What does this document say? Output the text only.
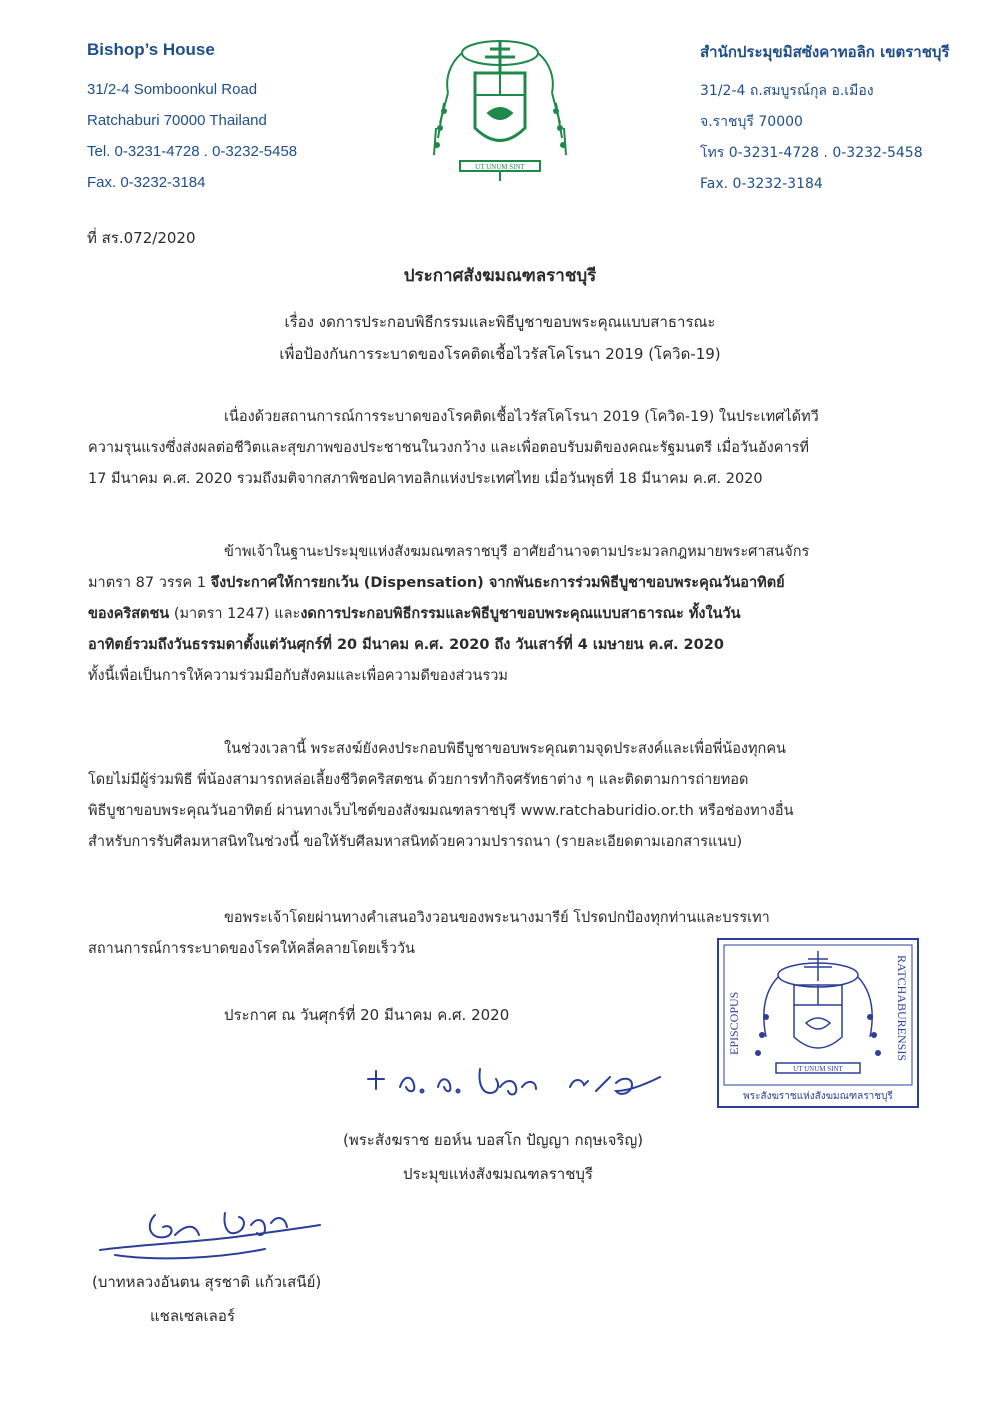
Bishop’s House
31/2-4 Somboonkul Road
Ratchaburi 70000 Thailand
Tel. 0-3231-4728 . 0-3232-5458
Fax. 0-3232-3184
UT UNUM SINT
สำนักประมุขมิสซังคาทอลิก เขตราชบุรี
31/2-4 ถ.สมบูรณ์กุล อ.เมือง
จ.ราชบุรี 70000
โทร 0-3231-4728 . 0-3232-5458
Fax. 0-3232-3184
ที่ สร.072/2020
ประกาศสังฆมณฑลราชบุรี
เรื่อง งดการประกอบพิธีกรรมและพิธีบูชาขอบพระคุณแบบสาธารณะ
เพื่อป้องกันการระบาดของโรคติดเชื้อไวรัสโคโรนา 2019 (โควิด-19)
เนื่องด้วยสถานการณ์การระบาดของโรคติดเชื้อไวรัสโคโรนา 2019 (โควิด-19) ในประเทศได้ทวี
ความรุนแรงซึ่งส่งผลต่อชีวิตและสุขภาพของประชาชนในวงกว้าง และเพื่อตอบรับมติของคณะรัฐมนตรี เมื่อวันอังคารที่
17 มีนาคม ค.ศ. 2020 รวมถึงมติจากสภาพิชอปคาทอลิกแห่งประเทศไทย เมื่อวันพุธที่ 18 มีนาคม ค.ศ. 2020
ข้าพเจ้าในฐานะประมุขแห่งสังฆมณฑลราชบุรี อาศัยอำนาจตามประมวลกฎหมายพระศาสนจักร
มาตรา 87 วรรค 1 จึงประกาศให้การยกเว้น (Dispensation) จากพันธะการร่วมพิธีบูชาขอบพระคุณวันอาทิตย์
ของคริสตชน (มาตรา 1247) และงดการประกอบพิธีกรรมและพิธีบูชาขอบพระคุณแบบสาธารณะ ทั้งในวัน
อาทิตย์รวมถึงวันธรรมดาตั้งแต่วันศุกร์ที่ 20 มีนาคม ค.ศ. 2020 ถึง วันเสาร์ที่ 4 เมษายน ค.ศ. 2020
ทั้งนี้เพื่อเป็นการให้ความร่วมมือกับสังคมและเพื่อความดีของส่วนรวม
ในช่วงเวลานี้ พระสงฆ์ยังคงประกอบพิธีบูชาขอบพระคุณตามจุดประสงค์และเพื่อพี่น้องทุกคน
โดยไม่มีผู้ร่วมพิธี พี่น้องสามารถหล่อเลี้ยงชีวิตคริสตชน ด้วยการทำกิจศรัทธาต่าง ๆ และติดตามการถ่ายทอด
พิธีบูชาขอบพระคุณวันอาทิตย์ ผ่านทางเว็บไซต์ของสังฆมณฑลราชบุรี www.ratchaburidio.or.th หรือช่องทางอื่น
สำหรับการรับศีลมหาสนิทในช่วงนี้ ขอให้รับศีลมหาสนิทด้วยความปรารถนา (รายละเอียดตามเอกสารแนบ)
ขอพระเจ้าโดยผ่านทางคำเสนอวิงวอนของพระนางมารีย์ โปรดปกป้องทุกท่านและบรรเทา
สถานการณ์การระบาดของโรคให้คลี่คลายโดยเร็ววัน
ประกาศ ณ วันศุกร์ที่ 20 มีนาคม ค.ศ. 2020
UT UNUM SINT
EPISCOPUS	RATCHABURENSIS
พระสังฆราชแห่งสังฆมณฑลราชบุรี
(พระสังฆราช ยอห์น บอสโก ปัญญา กฤษเจริญ)
ประมุขแห่งสังฆมณฑลราชบุรี
(บาทหลวงอันตน สุรชาติ แก้วเสนีย์)
แชลเซลเลอร์
